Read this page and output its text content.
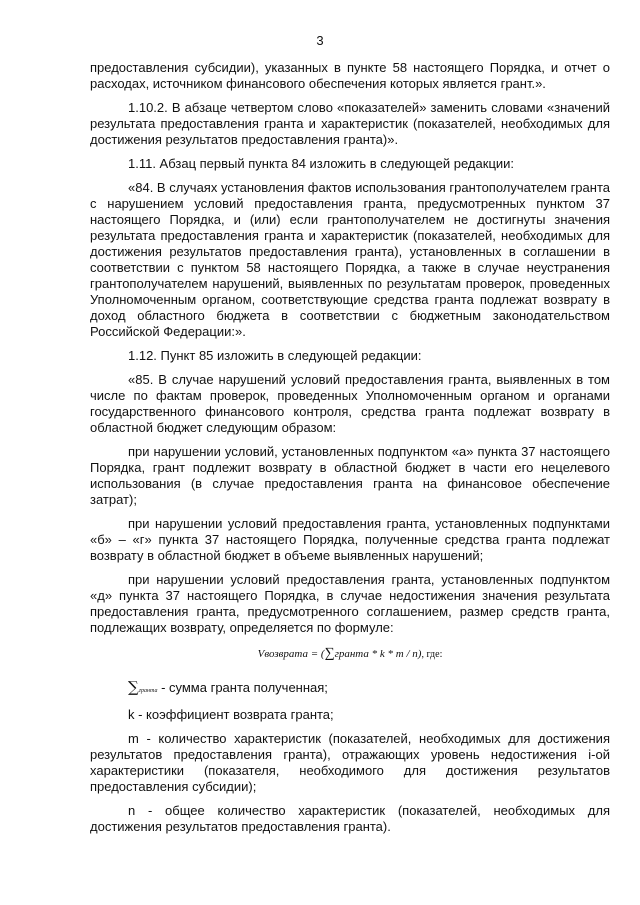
3

предоставления субсидии), указанных в пункте 58 настоящего Порядка, и отчет о расходах, источником финансового обеспечения которых является грант.».

1.10.2. В абзаце четвертом слово «показателей» заменить словами «значений результата предоставления гранта и характеристик (показателей, необходимых для достижения результатов предоставления гранта)».

1.11. Абзац первый пункта 84 изложить в следующей редакции:

«84. В случаях установления фактов использования грантополучателем гранта с нарушением условий предоставления гранта, предусмотренных пунктом 37 настоящего Порядка, и (или) если грантополучателем не достигнуты значения результата предоставления гранта и характеристик (показателей, необходимых для достижения результатов предоставления гранта), установленных в соглашении в соответствии с пунктом 58 настоящего Порядка, а также в случае неустранения грантополучателем нарушений, выявленных по результатам проверок, проведенных Уполномоченным органом, соответствующие средства гранта подлежат возврату в доход областного бюджета в соответствии с бюджетным законодательством Российской Федерации:».

1.12. Пункт 85 изложить в следующей редакции:

«85. В случае нарушений условий предоставления гранта, выявленных в том числе по фактам проверок, проведенных Уполномоченным органом и органами государственного финансового контроля, средства гранта подлежат возврату в областной бюджет следующим образом:

при нарушении условий, установленных подпунктом «а» пункта 37 настоящего Порядка, грант подлежит возврату в областной бюджет в части его нецелевого использования (в случае предоставления гранта на финансовое обеспечение затрат);

при нарушении условий предоставления гранта, установленных подпунктами «б» – «г» пункта 37 настоящего Порядка, полученные средства гранта подлежат возврату в областной бюджет в объеме выявленных нарушений;

при нарушении условий предоставления гранта, установленных подпунктом «д» пункта 37 настоящего Порядка, в случае недостижения значения результата предоставления гранта, предусмотренного соглашением, размер средств гранта, подлежащих возврату, определяется по формуле:

Vвозврата = (∑гранта * k * m / n), где:

∑гранта - сумма гранта полученная;

k - коэффициент возврата гранта;

m - количество характеристик (показателей, необходимых для достижения результатов предоставления гранта), отражающих уровень недостижения i-ой характеристики (показателя, необходимого для достижения результатов предоставления субсидии);

n - общее количество характеристик (показателей, необходимых для достижения результатов предоставления гранта).
